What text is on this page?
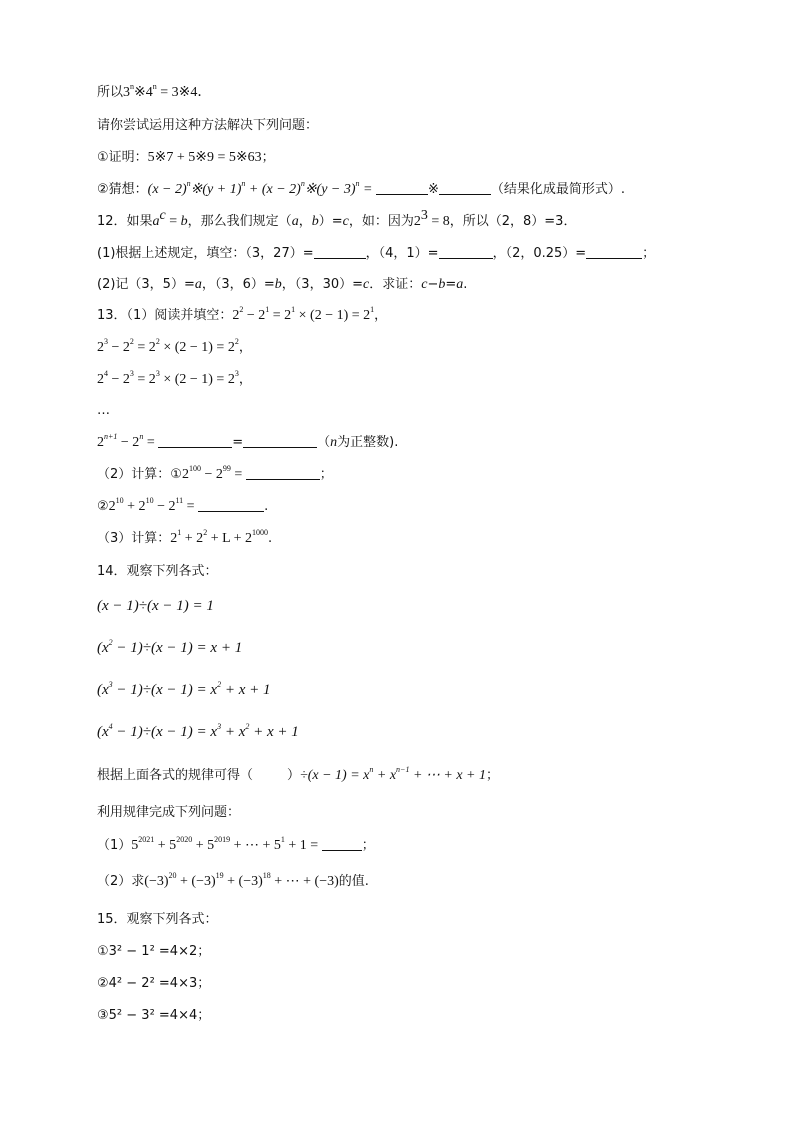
所以$3^n※4^n$ = 3※4．
请你尝试运用这种方法解决下列问题：
①证明：5※7 + 5※9 = 5※63；
②猜想：$(x - 2)^n※(y + 1)^n + (x$ − $2)^n※(y - 3)^n$ =	※	（结果化成最简形式）.
12．如果$a^c = b$，那么我们规定（a，b）=c，如：因为$2^3 = 8$，所以（2，8）=3．
(1)根据上述规定，填空：（3，27）=	，（4，1）=	，（2，0.25）=	；
(2)记（3，5）=a，（3，6）=b，（3，30）=c．求证：c−b=a.
13．（1）阅读并填空：$2^2 - 2^1 = 2^1 \times (2 - 1) = 2^1$，
$2^3 - 2^2 = 2^2 \times (2 - 1) = 2^2$，
$2^4 - 2^3 = 2^3 \times (2 - 1) = 2^3$，
…
$2^{n+1} - 2^n$ =	=	（n为正整数).
（2）计算：$①2^{100} - 2^{99}$ =	；
$②2^{10} + 2^{10} - 2^{11}$ =	.
（3）计算：$2^1 + 2^2 + L + 2^{1000}$.
14．观察下列各式：
(x − 1)÷(x − 1) = 1
$(x^2 - 1)\div(x - 1) = x + 1$
$(x^3 - 1)\div(x - 1) = x^2 + x + 1$
$(x^4 - 1)\div(x - 1) = x^3 + x^2 + x + 1$
根据上面各式的规律可得（	）$\div(x - 1) = x^n + x^{n-1}$ + ⋯ + x + 1；
利用规律完成下列问题：
$(1)5^{2021} + 5^{2020} + 5^{2019}$ + ⋯ + $5^1 + 1$ =	；
（2）求$(-3)^{20} + (-3)^{19} + (-3)^{18}$ + ⋯ + (−3)的值.
15．观察下列各式：
①3² − 1² =4×2；
②4² − 2² =4×3；
③5² − 3² =4×4；
